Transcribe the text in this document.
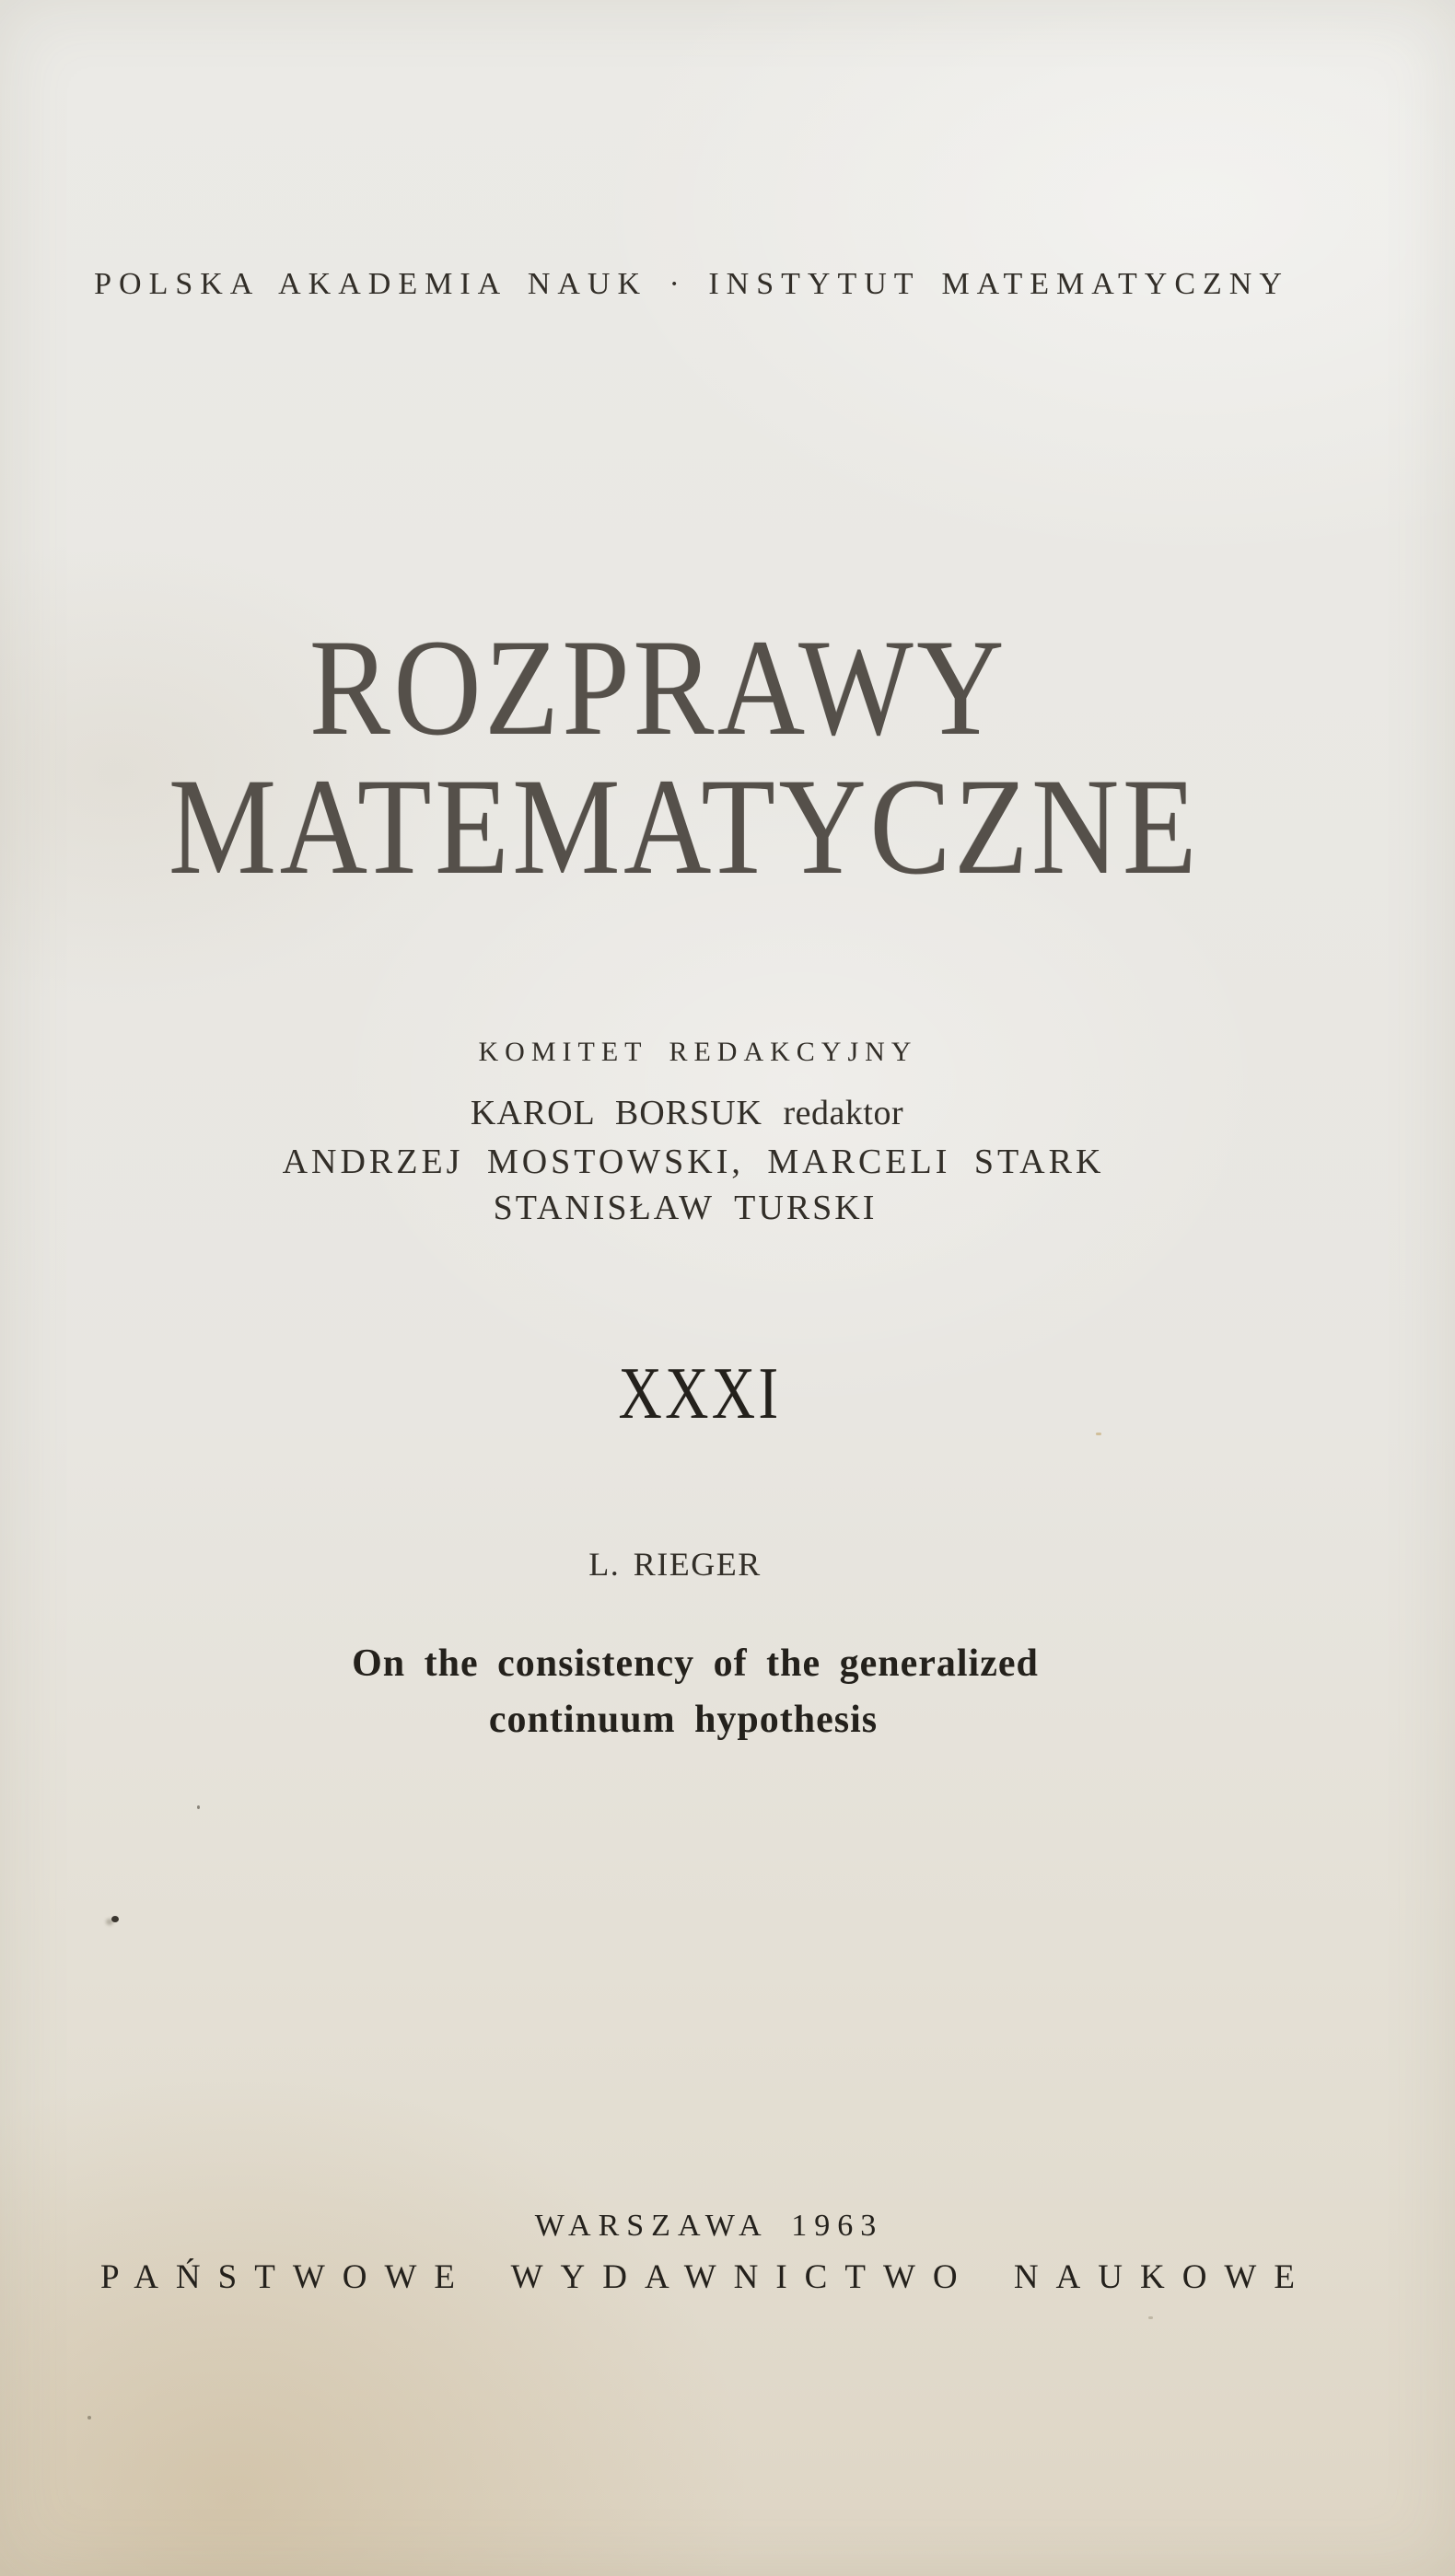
POLSKA AKADEMIA NAUK · INSTYTUT MATEMATYCZNY
ROZPRAWY
MATEMATYCZNE
KOMITET REDAKCYJNY
KAROL BORSUK redaktor
ANDRZEJ MOSTOWSKI, MARCELI STARK
STANISŁAW TURSKI
XXXI
L. RIEGER
On the consistency of the generalized
continuum hypothesis
WARSZAWA 1963
PAŃSTWOWE WYDAWNICTWO NAUKOWE
